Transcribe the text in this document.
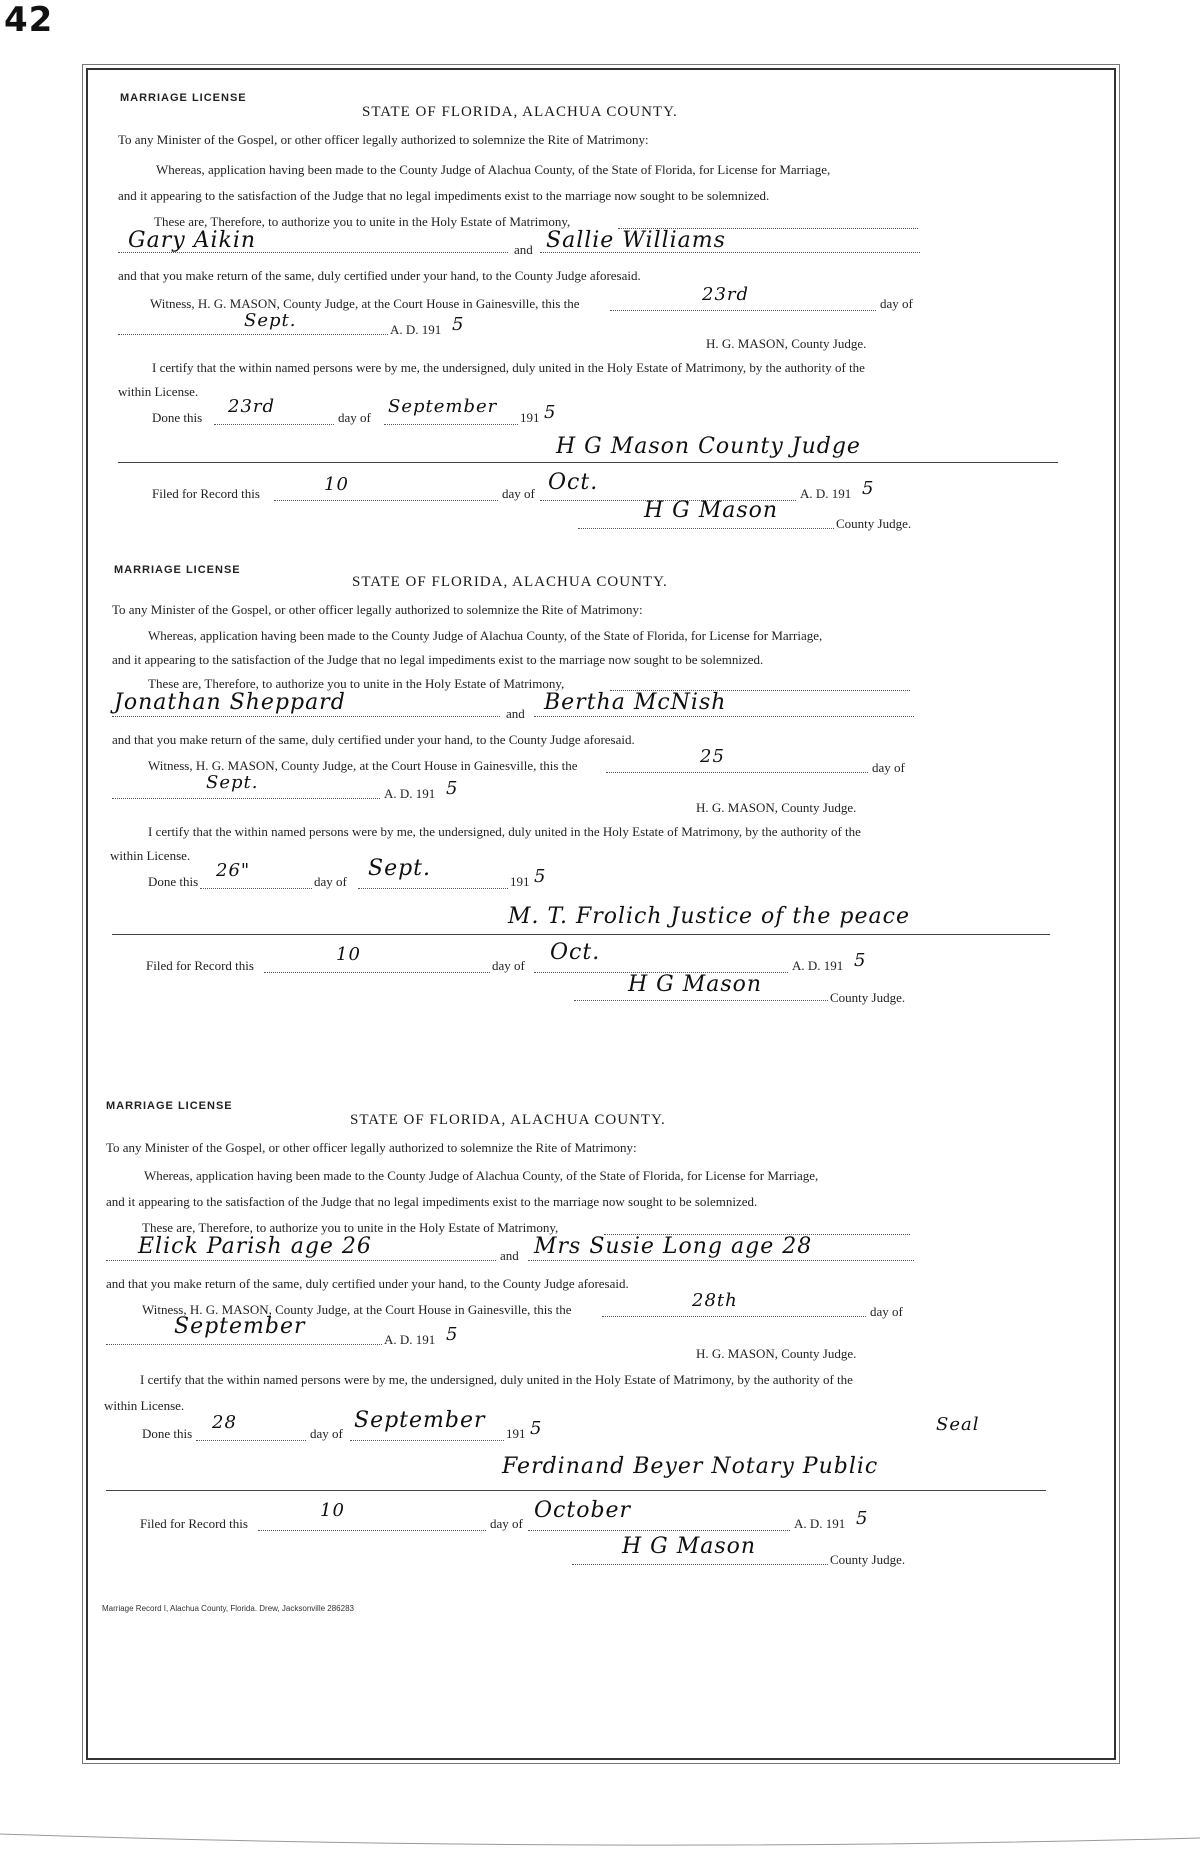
42
MARRIAGE LICENSE
STATE OF FLORIDA, ALACHUA COUNTY.
To any Minister of the Gospel, or other officer legally authorized to solemnize the Rite of Matrimony:
Whereas, application having been made to the County Judge of Alachua County, of the State of Florida, for License for Marriage,
and it appearing to the satisfaction of the Judge that no legal impediments exist to the marriage now sought to be solemnized.
These are, Therefore, to authorize you to unite in the Holy Estate of Matrimony,
Gary Aikin	and Sallie Williams
and that you make return of the same, duly certified under your hand, to the County Judge aforesaid.
Witness, H. G. MASON, County Judge, at the Court House in Gainesville, this the	23rd	day of
Sept.	A. D. 191 5
H. G. MASON, County Judge.
I certify that the within named persons were by me, the undersigned, duly united in the Holy Estate of Matrimony, by the authority of the
within License.
Done this
23rd
day of
September
191 5
H G Mason County Judge
Filed for Record this	10	day of Oct.	A. D. 191 5
H G Mason
County Judge.
MARRIAGE LICENSE
STATE OF FLORIDA, ALACHUA COUNTY.
To any Minister of the Gospel, or other officer legally authorized to solemnize the Rite of Matrimony:
Whereas, application having been made to the County Judge of Alachua County, of the State of Florida, for License for Marriage,
and it appearing to the satisfaction of the Judge that no legal impediments exist to the marriage now sought to be solemnized.
These are, Therefore, to authorize you to unite in the Holy Estate of Matrimony,
Jonathan Sheppard	and Bertha McNish
and that you make return of the same, duly certified under your hand, to the County Judge aforesaid.
Witness, H. G. MASON, County Judge, at the Court House in Gainesville, this the	25
day of
Sept.
A. D. 191 5
H. G. MASON, County Judge.
I certify that the within named persons were by me, the undersigned, duly united in the Holy Estate of Matrimony, by the authority of the
within License.
Done this
26"
day of
Sept.
191 5
M. T. Frolich Justice of the peace
Filed for Record this
10
day of
Oct.
A. D. 191 5
H G Mason
County Judge.
MARRIAGE LICENSE
STATE OF FLORIDA, ALACHUA COUNTY.
To any Minister of the Gospel, or other officer legally authorized to solemnize the Rite of Matrimony:
Whereas, application having been made to the County Judge of Alachua County, of the State of Florida, for License for Marriage,
and it appearing to the satisfaction of the Judge that no legal impediments exist to the marriage now sought to be solemnized.
These are, Therefore, to authorize you to unite in the Holy Estate of Matrimony,
Elick Parish age 26	and Mrs Susie Long age 28
and that you make return of the same, duly certified under your hand, to the County Judge aforesaid.
Witness, H. G. MASON, County Judge, at the Court House in Gainesville, this the	28th
day of
September
A. D. 191 5
H. G. MASON, County Judge.
I certify that the within named persons were by me, the undersigned, duly united in the Holy Estate of Matrimony, by the authority of the
within License.
Done this
28
day of
September
191 5	Seal
Ferdinand Beyer Notary Public
Filed for Record this
10
day of
October
A. D. 191 5
H G Mason
County Judge.
Marriage Record I, Alachua County, Florida. Drew, Jacksonville 286283
